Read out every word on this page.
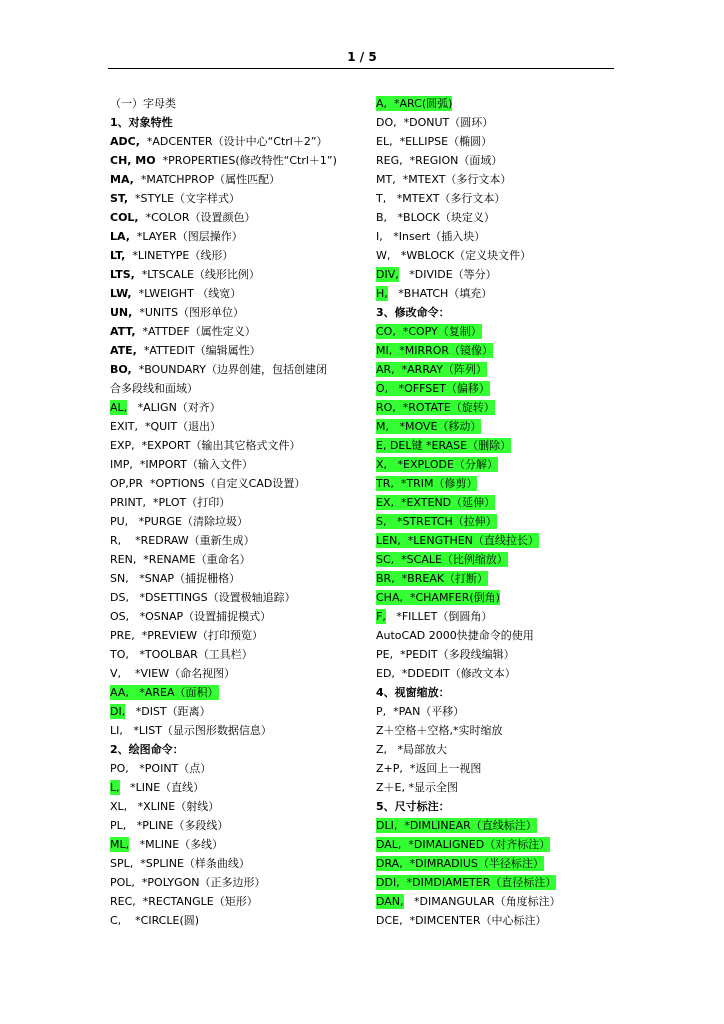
1 / 5
（一）字母类
1、对象特性
ADC, *ADCENTER（设计中心“Ctrl＋2”）
CH, MO *PROPERTIES(修改特性“Ctrl＋1”)
MA, *MATCHPROP（属性匹配）
ST, *STYLE（文字样式）
COL, *COLOR（设置颜色）
LA, *LAYER（图层操作）
LT, *LINETYPE（线形）
LTS, *LTSCALE（线形比例）
LW, *LWEIGHT （线宽）
UN, *UNITS（图形单位）
ATT, *ATTDEF（属性定义）
ATE, *ATTEDIT（编辑属性）
BO, *BOUNDARY（边界创建，包括创建闭
合多段线和面域）
AL, *ALIGN（对齐）
EXIT,  *QUIT（退出）
EXP,  *EXPORT（输出其它格式文件）
IMP,  *IMPORT（输入文件）
OP,PR  *OPTIONS（自定义CAD设置）
PRINT,  *PLOT（打印）
PU,   *PURGE（清除垃圾）
R,    *REDRAW（重新生成）
REN,  *RENAME（重命名）
SN,   *SNAP（捕捉栅格）
DS,   *DSETTINGS（设置极轴追踪）
OS,   *OSNAP（设置捕捉模式）
PRE,  *PREVIEW（打印预览）
TO,   *TOOLBAR（工具栏）
V,    *VIEW（命名视图）
AA,   *AREA（面积）
DI, *DIST（距离）
LI,   *LIST（显示图形数据信息）
2、绘图命令：
PO,   *POINT（点）
L, *LINE（直线）
XL,   *XLINE（射线）
PL,   *PLINE（多段线）
ML, *MLINE（多线）
SPL,  *SPLINE（样条曲线）
POL,  *POLYGON（正多边形）
REC,  *RECTANGLE（矩形）
C,    *CIRCLE(圆)
A,  *ARC(圆弧)
DO,  *DONUT（圆环）
EL,  *ELLIPSE（椭圆）
REG,  *REGION（面域）
MT,  *MTEXT（多行文本）
T,   *MTEXT（多行文本）
B,   *BLOCK（块定义）
I,   *Insert（插入块）
W,   *WBLOCK（定义块文件）
DIV, *DIVIDE（等分）
H, *BHATCH（填充）
3、修改命令：
CO,  *COPY（复制）
MI,  *MIRROR（镜像）
AR,  *ARRAY（阵列）
O,   *OFFSET（偏移）
RO,  *ROTATE（旋转）
M,   *MOVE（移动）
E, DEL键 *ERASE（删除）
X,   *EXPLODE（分解）
TR,  *TRIM（修剪）
EX,  *EXTEND（延伸）
S,   *STRETCH（拉伸）
LEN,  *LENGTHEN（直线拉长）
SC,  *SCALE（比例缩放）
BR,  *BREAK（打断）
CHA,  *CHAMFER(倒角)
F, *FILLET（倒圆角）
AutoCAD 2000快捷命令的使用
PE,  *PEDIT（多段线编辑）
ED,  *DDEDIT（修改文本）
4、视窗缩放：
P,  *PAN（平移）
Z＋空格＋空格,*实时缩放
Z,   *局部放大
Z+P,  *返回上一视图
Z＋E, *显示全图
5、尺寸标注：
DLI,  *DIMLINEAR（直线标注）
DAL,  *DIMALIGNED（对齐标注）
DRA,  *DIMRADIUS（半径标注）
DDI,  *DIMDIAMETER（直径标注）
DAN, *DIMANGULAR（角度标注）
DCE,  *DIMCENTER（中心标注）
